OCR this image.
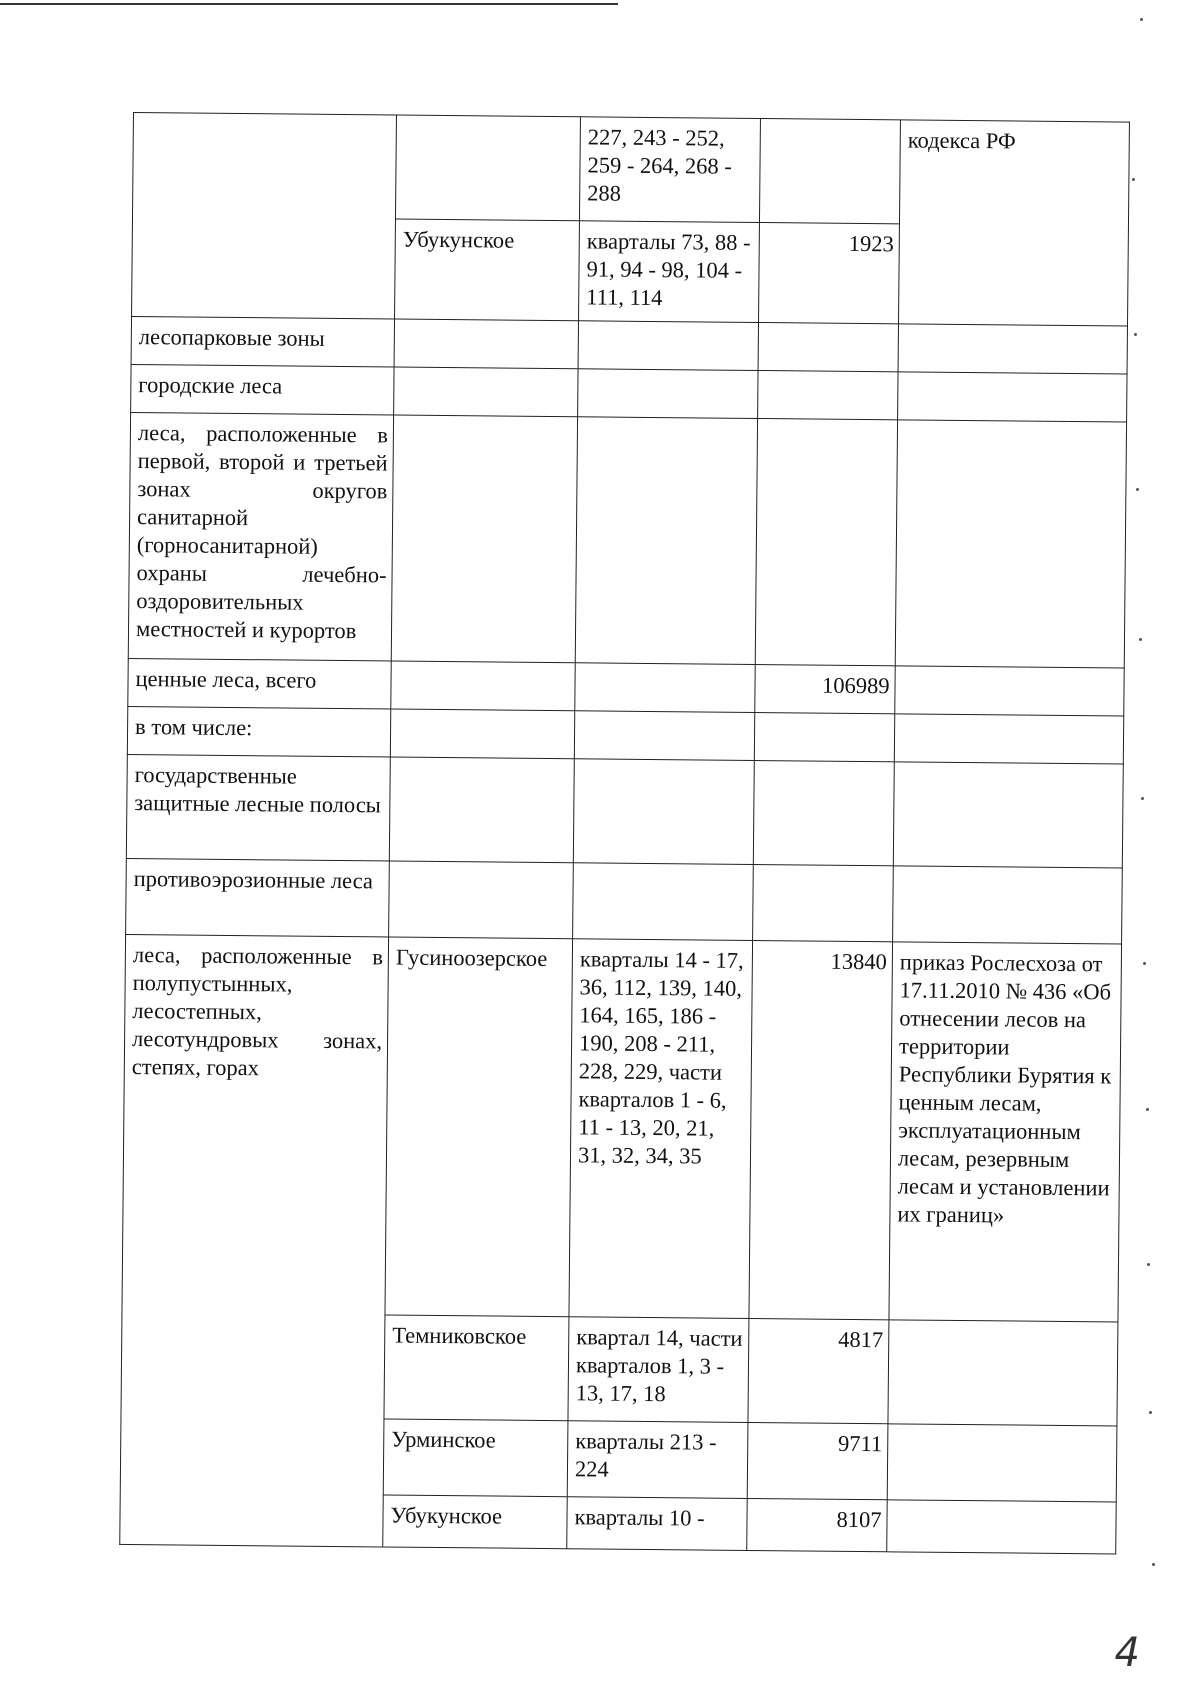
		227, 243 - 252, 259 - 264, 268 - 288		кодекса РФ
	Убукунское	кварталы 73, 88 - 91, 94 - 98, 104 - 111, 114	1923	
лесопарковые зоны				
городские леса				
леса, расположенные в первой, второй и третьей зонах округов санитарной (горносанитарной) охраны лечебно-оздоровительных местностей и курортов				
ценные леса, всего			106989	
в том числе:				
государственные защитные лесные полосы				
противоэрозионные леса				
леса, расположенные в полупустынных, лесостепных, лесотундровых зонах, степях, горах	Гусиноозерское	кварталы 14 - 17, 36, 112, 139, 140, 164, 165, 186 - 190, 208 - 211, 228, 229, части кварталов 1 - 6, 11 - 13, 20, 21, 31, 32, 34, 35	13840	приказ Рослесхоза от 17.11.2010 № 436 «Об отнесении лесов на территории Республики Бурятия к ценным лесам, эксплуатационным лесам, резервным лесам и установлении их границ»
	Темниковское	квартал 14, части кварталов 1, 3 - 13, 17, 18	4817	
	Урминское	кварталы 213 - 224	9711	
	Убукунское	кварталы 10 -	8107	
4
